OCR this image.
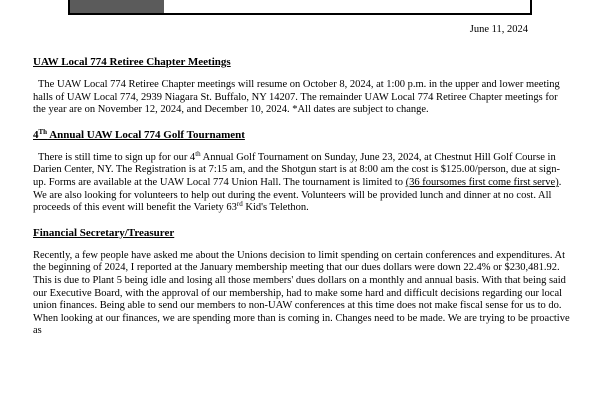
June 11, 2024
UAW Local 774 Retiree Chapter Meetings

The UAW Local 774 Retiree Chapter meetings will resume on October 8, 2024, at 1:00 p.m. in the upper and lower meeting halls of UAW Local 774, 2939 Niagara St. Buffalo, NY 14207. The remainder UAW Local 774 Retiree Chapter meetings for the year are on November 12, 2024, and December 10, 2024. *All dates are subject to change.

4Th Annual UAW Local 774 Golf Tournament

There is still time to sign up for our 4th Annual Golf Tournament on Sunday, June 23, 2024, at Chestnut Hill Golf Course in Darien Center, NY. The Registration is at 7:15 am, and the Shotgun start is at 8:00 am the cost is $125.00/person, due at sign-up. Forms are available at the UAW Local 774 Union Hall. The tournament is limited to (36 foursomes first come first serve). We are also looking for volunteers to help out during the event. Volunteers will be provided lunch and dinner at no cost. All proceeds of this event will benefit the Variety 63rd Kid's Telethon.

Financial Secretary/Treasurer

Recently, a few people have asked me about the Unions decision to limit spending on certain conferences and expenditures. At the beginning of 2024, I reported at the January membership meeting that our dues dollars were down 22.4% or $230,481.92. This is due to Plant 5 being idle and losing all those members' dues dollars on a monthly and annual basis. With that being said our Executive Board, with the approval of our membership, had to make some hard and difficult decisions regarding our local union finances. Being able to send our members to non-UAW conferences at this time does not make fiscal sense for us to do. When looking at our finances, we are spending more than is coming in. Changes need to be made. We are trying to be proactive as
